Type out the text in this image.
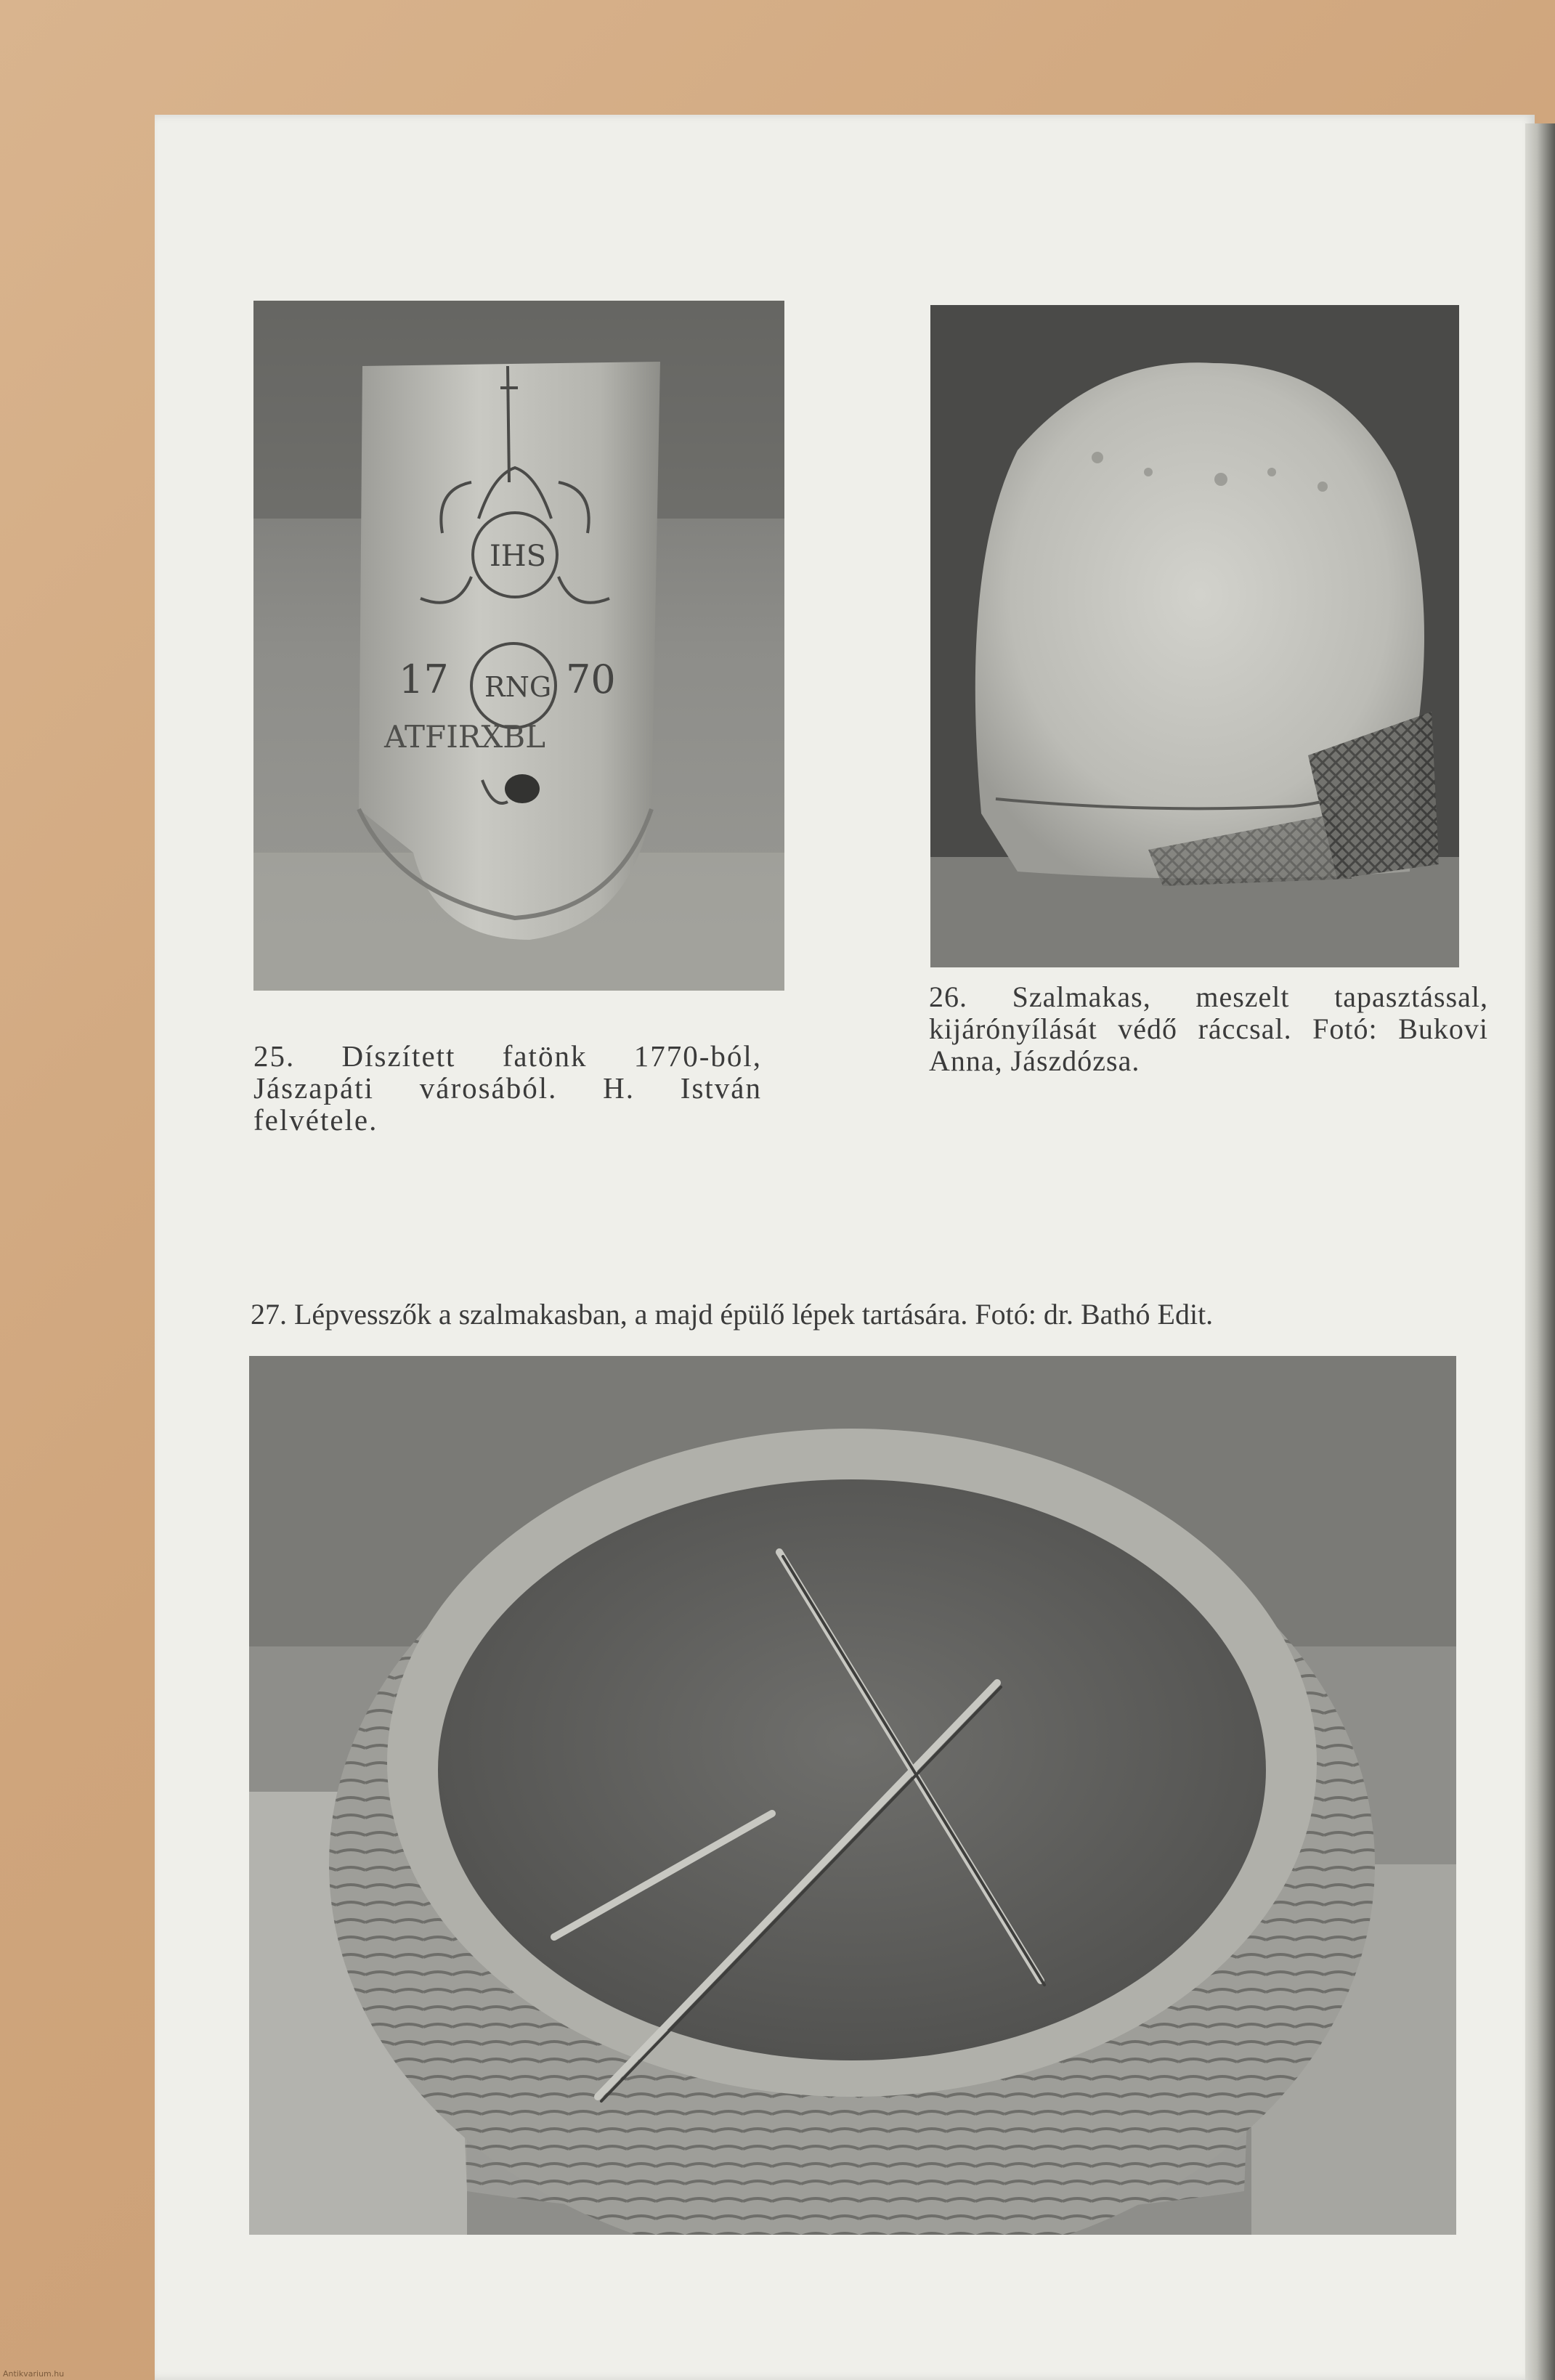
IHS
17 RNG 70
ATFIRXBL
25. Díszített fatönk 1770-ból, Jászapáti városából. H. István felvétele.
26. Szalmakas, meszelt tapasztással, kijárónyílását védő ráccsal. Fotó: Bukovi Anna, Jászdózsa.
27. Lépvesszők a szalmakasban, a majd épülő lépek tartására. Fotó: dr. Bathó Edit.
Antikvarium.hu
